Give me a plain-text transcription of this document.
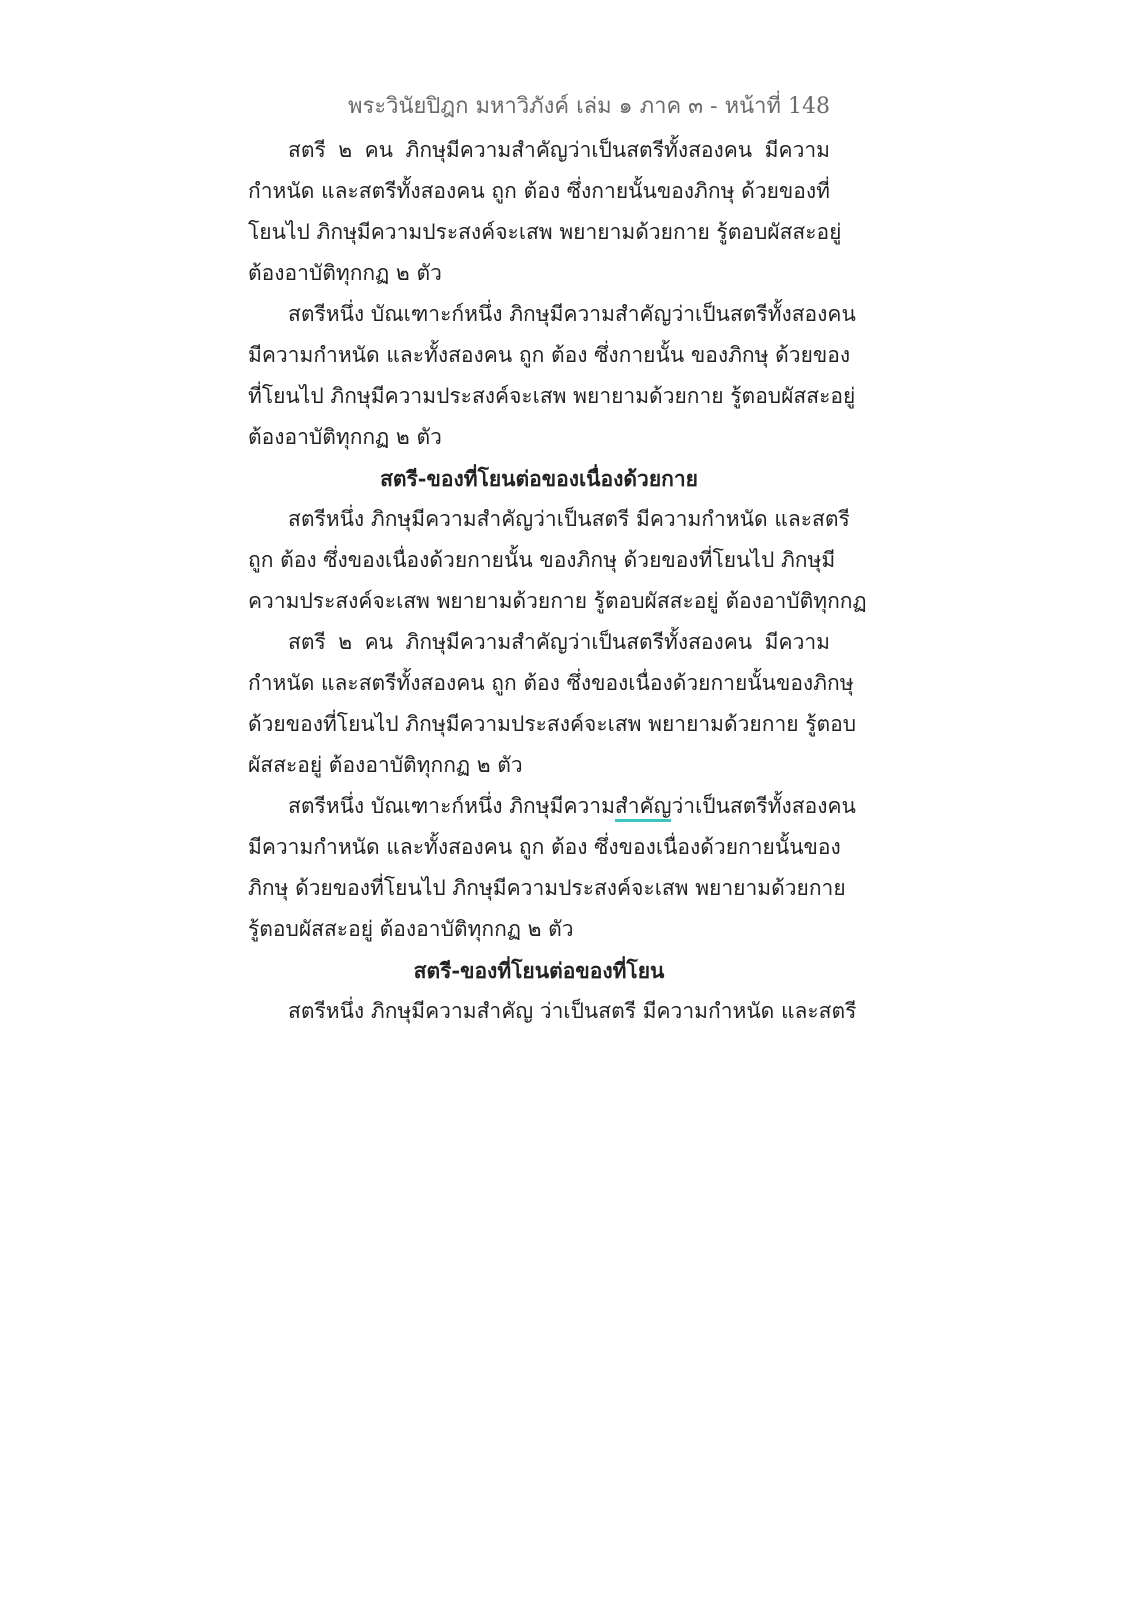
พระวินัยปิฎก มหาวิภังค์ เล่ม ๑ ภาค ๓ - หน้าที่ 148
สตรี ๒ คน ภิกษุมีความสำคัญว่าเป็นสตรีทั้งสองคน มีความ
กำหนัด และสตรีทั้งสองคน ถูก ต้อง ซึ่งกายนั้นของภิกษุ ด้วยของที่
โยนไป ภิกษุมีความประสงค์จะเสพ พยายามด้วยกาย รู้ตอบผัสสะอยู่
ต้องอาบัติทุกกฏ ๒ ตัว
สตรีหนึ่ง บัณเฑาะก์หนึ่ง ภิกษุมีความสำคัญว่าเป็นสตรีทั้งสองคน
มีความกำหนัด และทั้งสองคน ถูก ต้อง ซึ่งกายนั้น ของภิกษุ ด้วยของ
ที่โยนไป ภิกษุมีความประสงค์จะเสพ พยายามด้วยกาย รู้ตอบผัสสะอยู่
ต้องอาบัติทุกกฏ ๒ ตัว
สตรี-ของที่โยนต่อของเนื่องด้วยกาย
สตรีหนึ่ง ภิกษุมีความสำคัญว่าเป็นสตรี มีความกำหนัด และสตรี
ถูก ต้อง ซึ่งของเนื่องด้วยกายนั้น ของภิกษุ ด้วยของที่โยนไป ภิกษุมี
ความประสงค์จะเสพ พยายามด้วยกาย รู้ตอบผัสสะอยู่ ต้องอาบัติทุกกฏ
สตรี ๒ คน ภิกษุมีความสำคัญว่าเป็นสตรีทั้งสองคน มีความ
กำหนัด และสตรีทั้งสองคน ถูก ต้อง ซึ่งของเนื่องด้วยกายนั้นของภิกษุ
ด้วยของที่โยนไป ภิกษุมีความประสงค์จะเสพ พยายามด้วยกาย รู้ตอบ
ผัสสะอยู่ ต้องอาบัติทุกกฏ ๒ ตัว
สตรีหนึ่ง บัณเฑาะก์หนึ่ง ภิกษุมีความสำคัญว่าเป็นสตรีทั้งสองคน
มีความกำหนัด และทั้งสองคน ถูก ต้อง ซึ่งของเนื่องด้วยกายนั้นของ
ภิกษุ ด้วยของที่โยนไป ภิกษุมีความประสงค์จะเสพ พยายามด้วยกาย
รู้ตอบผัสสะอยู่ ต้องอาบัติทุกกฏ ๒ ตัว
สตรี-ของที่โยนต่อของที่โยน
สตรีหนึ่ง ภิกษุมีความสำคัญ ว่าเป็นสตรี มีความกำหนัด และสตรี
